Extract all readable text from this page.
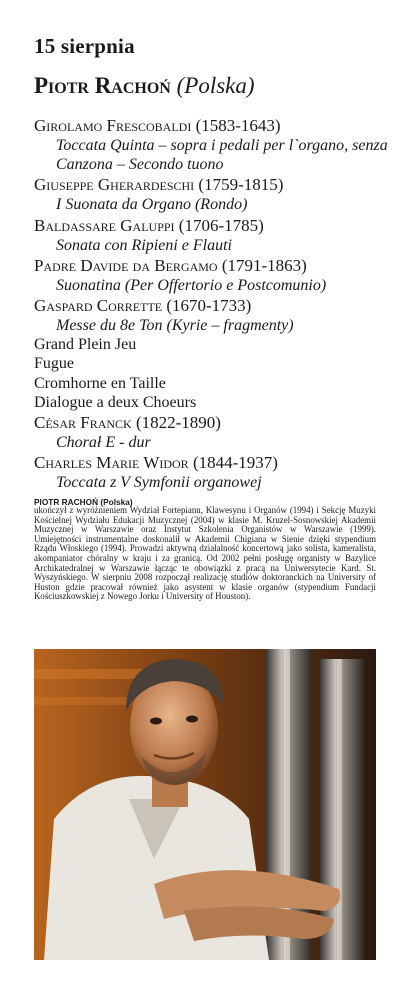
15 sierpnia
Piotr Rachoń (Polska)
Girolamo Frescobaldi (1583-1643)
Toccata Quinta – sopra i pedali per l`organo, senza
Canzona – Secondo tuono
Giuseppe Gherardeschi (1759-1815)
I Suonata da Organo (Rondo)
Baldassare Galuppi (1706-1785)
Sonata con Ripieni e Flauti
Padre Davide da Bergamo (1791-1863)
Suonatina (Per Offertorio e Postcomunio)
Gaspard Corrette (1670-1733)
Messe du 8e Ton (Kyrie – fragmenty)
Grand Plein Jeu
Fugue
Cromhorne en Taille
Dialogue a deux Choeurs
César Franck (1822-1890)
Chorał E - dur
Charles Marie Widor (1844-1937)
Toccata z V Symfonii organowej
PIOTR RACHOŃ (Polska)
ukończył z wyróżnieniem Wydział Fortepianu, Klawesynu i Organów (1994) i Sekcję Muzyki Kościelnej Wydziału Edukacji Muzycznej (2004) w klasie M. Kruzel-Sosnowskiej Akademii Muzycznej w Warszawie oraz Instytut Szkolenia Organistów w Warszawie (1999). Umiejętności instrumentalne doskonalił w Akademii Chigiana w Sienie dzięki stypendium Rządu Włoskiego (1994). Prowadzi aktywną działalność koncertową jako solista, kameralista, akompaniator chóralny w kraju i za granicą. Od 2002 pełni posługę organisty w Bazylice Archikatedralnej w Warszawie łącząc te obowiązki z pracą na Uniwersytecie Kard. St. Wyszyńskiego. W sierpniu 2008 rozpoczął realizację studiów doktoranckich na University of Huston gdzie pracował również jako asystent w klasie organów (stypendium Fundacji Kościuszkowskiej z Nowego Jorku i University of Houston).
